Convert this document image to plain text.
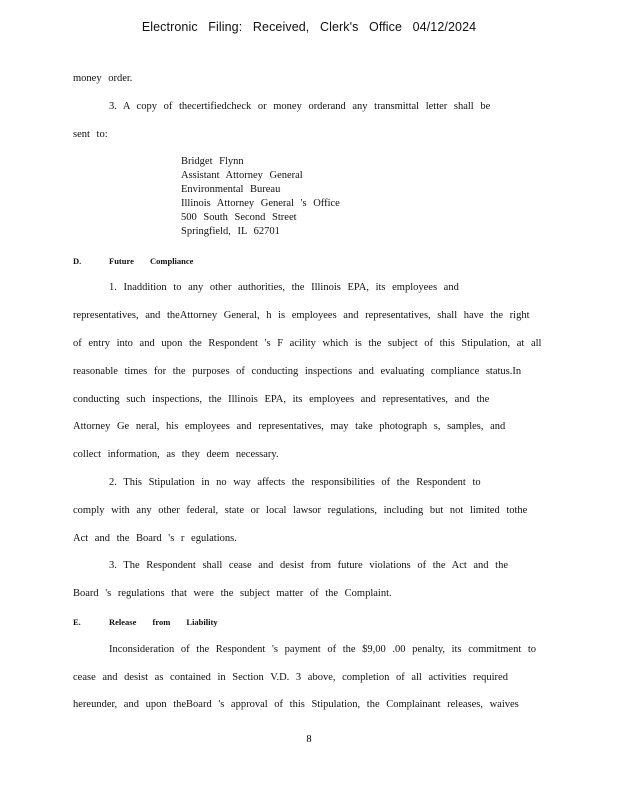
Electronic Filing: Received, Clerk's Office 04/12/2024
money order.
3. A copy of thecertifiedcheck or money orderand any transmittal letter shall be
sent to:
Bridget Flynn
Assistant Attorney General
Environmental Bureau
Illinois Attorney General 's Office
500 South Second Street
Springfield, IL 62701
D.	Future Compliance
1. Inaddition to any other authorities, the Illinois EPA, its employees and
representatives, and theAttorney General, h is employees and representatives, shall have the right
of entry into and upon the Respondent 's F acility which is the subject of this Stipulation, at all
reasonable times for the purposes of conducting inspections and evaluating compliance status.In
conducting such inspections, the Illinois EPA, its employees and representatives, and the
Attorney Ge neral, his employees and representatives, may take photograph s, samples, and
collect information, as they deem necessary.
2. This Stipulation in no way affects the responsibilities of the Respondent to
comply with any other federal, state or local lawsor regulations, including but not limited tothe
Act and the Board 's r egulations.
3. The Respondent shall cease and desist from future violations of the Act and the
Board 's regulations that were the subject matter of the Complaint.
E.	Release from Liability
Inconsideration of the Respondent 's payment of the $9,00 .00 penalty, its commitment to
cease and desist as contained in Section V.D. 3 above, completion of all activities required
hereunder, and upon theBoard 's approval of this Stipulation, the Complainant releases, waives
8
